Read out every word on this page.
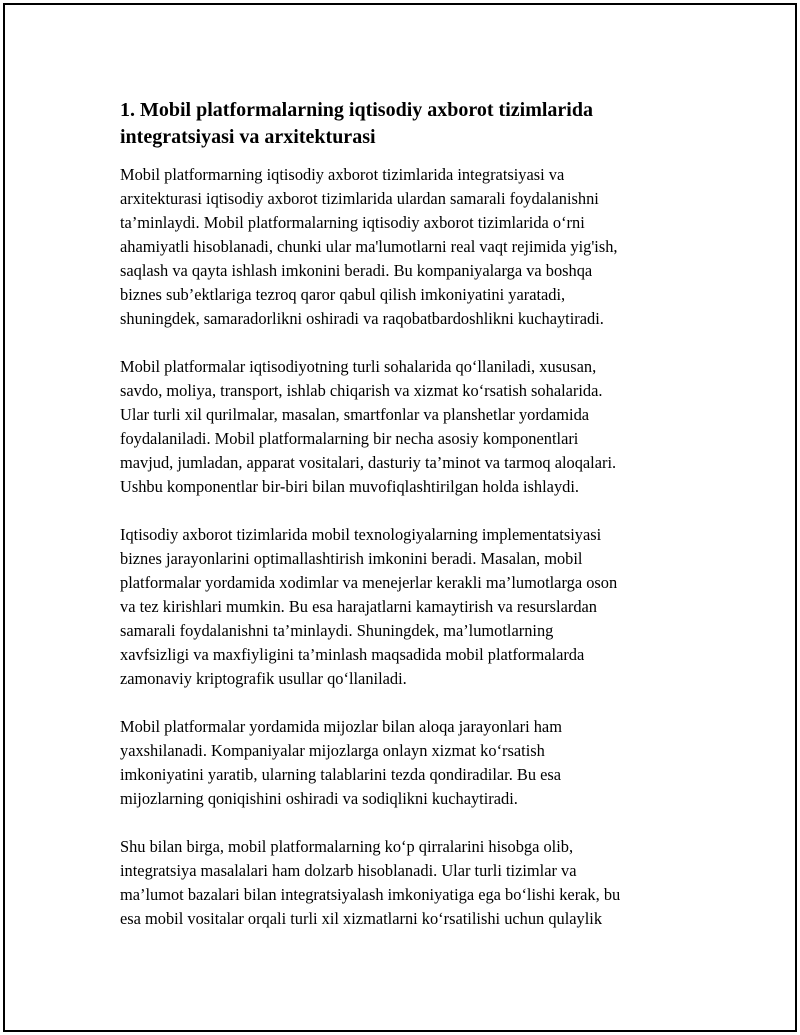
1. Mobil platformalarning iqtisodiy axborot tizimlarida
integratsiyasi va arxitekturasi

Mobil platformarning iqtisodiy axborot tizimlarida integratsiyasi va
arxitekturasi iqtisodiy axborot tizimlarida ulardan samarali foydalanishni
ta’minlaydi. Mobil platformalarning iqtisodiy axborot tizimlarida o‘rni
ahamiyatli hisoblanadi, chunki ular ma'lumotlarni real vaqt rejimida yig'ish,
saqlash va qayta ishlash imkonini beradi. Bu kompaniyalarga va boshqa
biznes sub’ektlariga tezroq qaror qabul qilish imkoniyatini yaratadi,
shuningdek, samaradorlikni oshiradi va raqobatbardoshlikni kuchaytiradi.

Mobil platformalar iqtisodiyotning turli sohalarida qo‘llaniladi, xususan,
savdo, moliya, transport, ishlab chiqarish va xizmat ko‘rsatish sohalarida.
Ular turli xil qurilmalar, masalan, smartfonlar va planshetlar yordamida
foydalaniladi. Mobil platformalarning bir necha asosiy komponentlari
mavjud, jumladan, apparat vositalari, dasturiy ta’minot va tarmoq aloqalari.
Ushbu komponentlar bir-biri bilan muvofiqlashtirilgan holda ishlaydi.

Iqtisodiy axborot tizimlarida mobil texnologiyalarning implementatsiyasi
biznes jarayonlarini optimallashtirish imkonini beradi. Masalan, mobil
platformalar yordamida xodimlar va menejerlar kerakli ma’lumotlarga oson
va tez kirishlari mumkin. Bu esa harajatlarni kamaytirish va resurslardan
samarali foydalanishni ta’minlaydi. Shuningdek, ma’lumotlarning
xavfsizligi va maxfiyligini ta’minlash maqsadida mobil platformalarda
zamonaviy kriptografik usullar qo‘llaniladi.

Mobil platformalar yordamida mijozlar bilan aloqa jarayonlari ham
yaxshilanadi. Kompaniyalar mijozlarga onlayn xizmat ko‘rsatish
imkoniyatini yaratib, ularning talablarini tezda qondiradilar. Bu esa
mijozlarning qoniqishini oshiradi va sodiqlikni kuchaytiradi.

Shu bilan birga, mobil platformalarning ko‘p qirralarini hisobga olib,
integratsiya masalalari ham dolzarb hisoblanadi. Ular turli tizimlar va
ma’lumot bazalari bilan integratsiyalash imkoniyatiga ega bo‘lishi kerak, bu
esa mobil vositalar orqali turli xil xizmatlarni ko‘rsatilishi uchun qulaylik
